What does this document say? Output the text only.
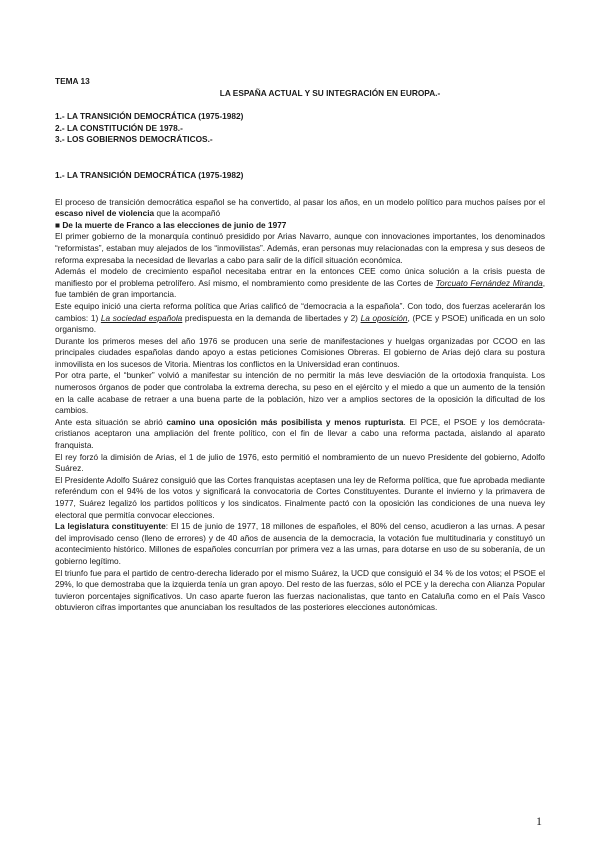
TEMA 13
LA ESPAÑA ACTUAL Y SU INTEGRACIÓN EN EUROPA.-
1.- LA TRANSICIÓN DEMOCRÁTICA (1975-1982)
2.- LA CONSTITUCIÓN DE 1978.-
3.- LOS GOBIERNOS DEMOCRÁTICOS.-
1.- LA TRANSICIÓN DEMOCRÁTICA (1975-1982)

El proceso de transición democrática español se ha convertido, al pasar los años, en un modelo político para muchos países por el escaso nivel de violencia que la acompañó

■ De la muerte de Franco a las elecciones de junio de 1977

El primer gobierno de la monarquía continuó presidido por Arias Navarro, aunque con innovaciones importantes, los denominados “reformistas”, estaban muy alejados de los “inmovilistas”. Además, eran personas muy relacionadas con la empresa y sus deseos de reforma expresaba la necesidad de llevarlas a cabo para salir de la difícil situación económica.

Además el modelo de crecimiento español necesitaba entrar en la entonces CEE como única solución a la crisis puesta de manifiesto por el problema petrolífero. Así mismo, el nombramiento como presidente de las Cortes de Torcuato Fernández Miranda, fue también de gran importancia.

Este equipo inició una cierta reforma política que Arias calificó de “democracia a la española”. Con todo, dos fuerzas acelerarán los cambios: 1) La sociedad española predispuesta en la demanda de libertades y 2) La oposición, (PCE y PSOE) unificada en un solo organismo.

Durante los primeros meses del año 1976 se producen una serie de manifestaciones y huelgas organizadas por CCOO en las principales ciudades españolas dando apoyo a estas peticiones Comisiones Obreras. El gobierno de Arias dejó clara su postura inmovilista en los sucesos de Vitoria. Mientras los conflictos en la Universidad eran continuos.

Por otra parte, el “bunker” volvió a manifestar su intención de no permitir la más leve desviación de la ortodoxia franquista. Los numerosos órganos de poder que controlaba la extrema derecha, su peso en el ejército y el miedo a que un aumento de la tensión en la calle acabase de retraer a una buena parte de la población, hizo ver a amplios sectores de la oposición la dificultad de los cambios.

Ante esta situación se abrió camino una oposición más posibilista y menos rupturista. El PCE, el PSOE y los demócrata-cristianos aceptaron una ampliación del frente político, con el fin de llevar a cabo una reforma pactada, aislando al aparato franquista.

El rey forzó la dimisión de Arias, el 1 de julio de 1976, esto permitió el nombramiento de un nuevo Presidente del gobierno, Adolfo Suárez.

El Presidente Adolfo Suárez consiguió que las Cortes franquistas aceptasen una ley de Reforma política, que fue aprobada mediante referéndum con el 94% de los votos y significará la convocatoria de Cortes Constituyentes. Durante el invierno y la primavera de 1977, Suárez legalizó los partidos políticos y los sindicatos. Finalmente pactó con la oposición las condiciones de una nueva ley electoral que permitía convocar elecciones.

La legislatura constituyente: El 15 de junio de 1977, 18 millones de españoles, el 80% del censo, acudieron a las urnas. A pesar del improvisado censo (lleno de errores) y de 40 años de ausencia de la democracia, la votación fue multitudinaria y constituyó un acontecimiento histórico. Millones de españoles concurrían por primera vez a las urnas, para dotarse en uso de su soberanía, de un gobierno legítimo.

El triunfo fue para el partido de centro-derecha liderado por el mismo Suárez, la UCD que consiguió el 34 % de los votos; el PSOE el 29%, lo que demostraba que la izquierda tenía un gran apoyo. Del resto de las fuerzas, sólo el PCE y la derecha con Alianza Popular tuvieron porcentajes significativos. Un caso aparte fueron las fuerzas nacionalistas, que tanto en Cataluña como en el País Vasco obtuvieron cifras importantes que anunciaban los resultados de las posteriores elecciones autonómicas.

1
